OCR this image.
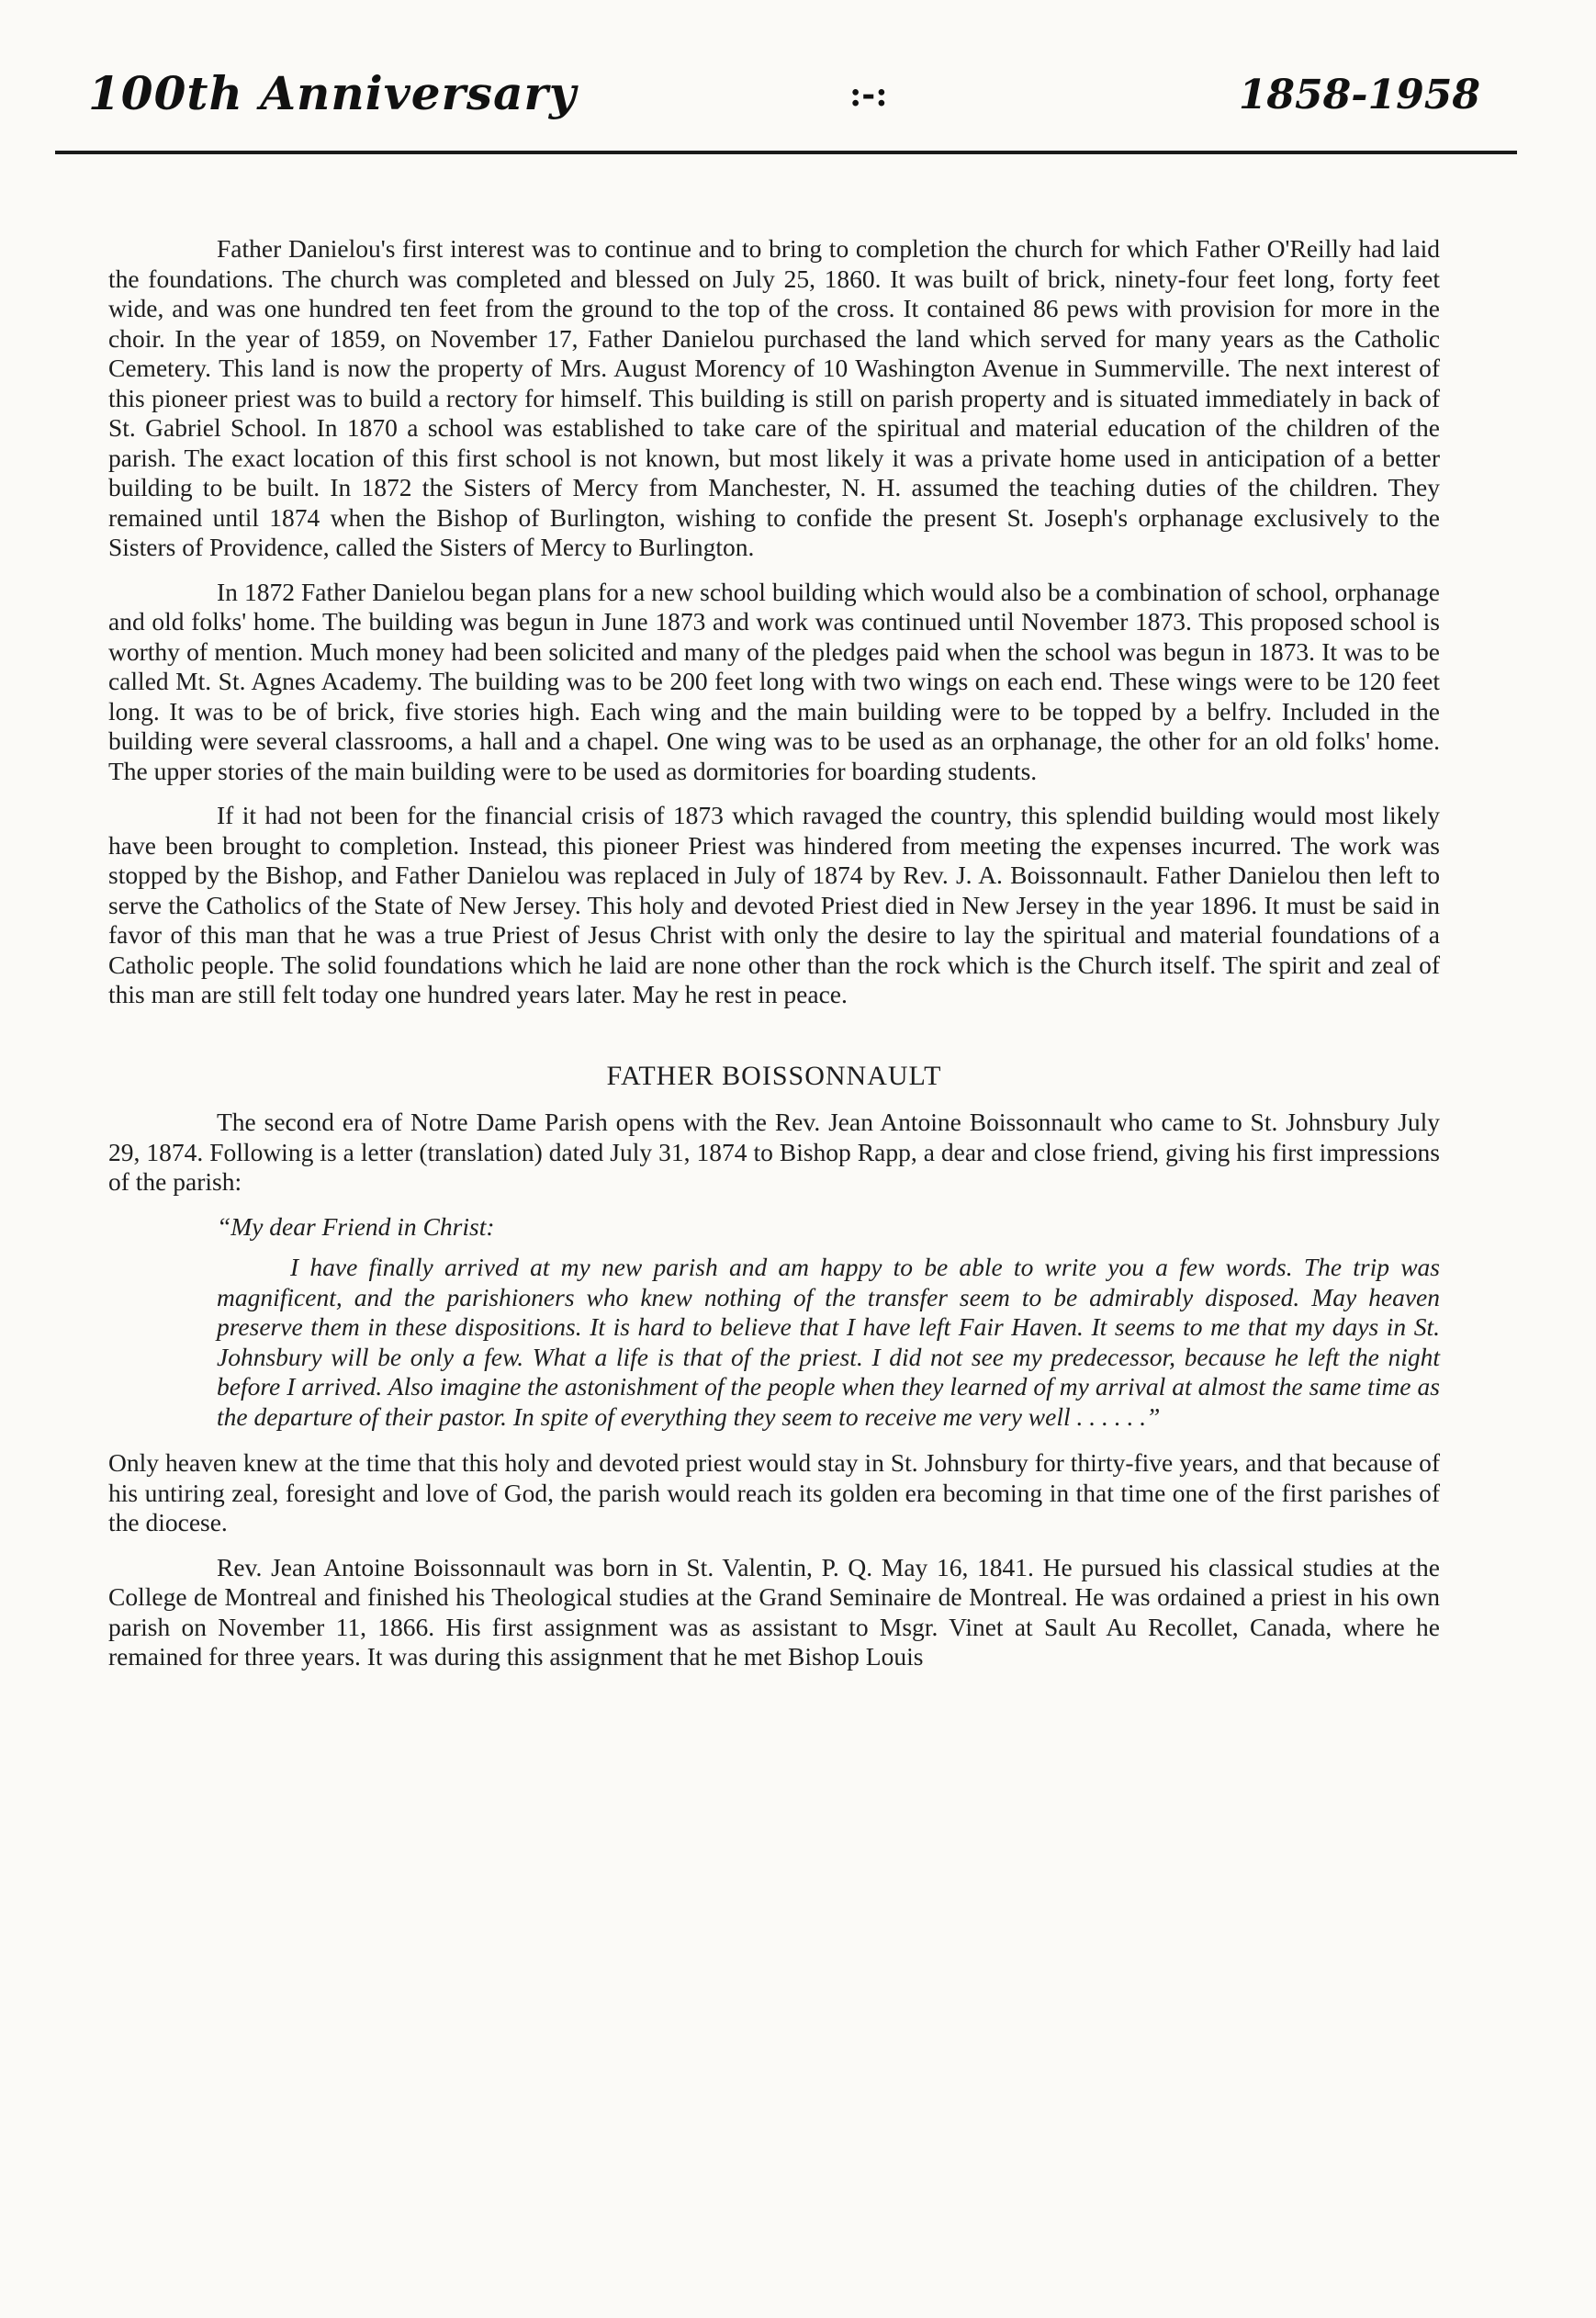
100th Anniversary	:-:	1858-1958

Father Danielou's first interest was to continue and to bring to completion the church for which Father O'Reilly had laid the foundations. The church was completed and blessed on July 25, 1860. It was built of brick, ninety-four feet long, forty feet wide, and was one hundred ten feet from the ground to the top of the cross. It contained 86 pews with provision for more in the choir. In the year of 1859, on November 17, Father Danielou purchased the land which served for many years as the Catholic Cemetery. This land is now the property of Mrs. August Morency of 10 Washington Avenue in Summerville. The next interest of this pioneer priest was to build a rectory for himself. This building is still on parish property and is situated immediately in back of St. Gabriel School. In 1870 a school was established to take care of the spiritual and material education of the children of the parish. The exact location of this first school is not known, but most likely it was a private home used in anticipation of a better building to be built. In 1872 the Sisters of Mercy from Manchester, N. H. assumed the teaching duties of the children. They remained until 1874 when the Bishop of Burlington, wishing to confide the present St. Joseph's orphanage exclusively to the Sisters of Providence, called the Sisters of Mercy to Burlington.

In 1872 Father Danielou began plans for a new school building which would also be a combination of school, orphanage and old folks' home. The building was begun in June 1873 and work was continued until November 1873. This proposed school is worthy of mention. Much money had been solicited and many of the pledges paid when the school was begun in 1873. It was to be called Mt. St. Agnes Academy. The building was to be 200 feet long with two wings on each end. These wings were to be 120 feet long. It was to be of brick, five stories high. Each wing and the main building were to be topped by a belfry. Included in the building were several classrooms, a hall and a chapel. One wing was to be used as an orphanage, the other for an old folks' home. The upper stories of the main building were to be used as dormitories for boarding students.

If it had not been for the financial crisis of 1873 which ravaged the country, this splendid building would most likely have been brought to completion. Instead, this pioneer Priest was hindered from meeting the expenses incurred. The work was stopped by the Bishop, and Father Danielou was replaced in July of 1874 by Rev. J. A. Boissonnault. Father Danielou then left to serve the Catholics of the State of New Jersey. This holy and devoted Priest died in New Jersey in the year 1896. It must be said in favor of this man that he was a true Priest of Jesus Christ with only the desire to lay the spiritual and material foundations of a Catholic people. The solid foundations which he laid are none other than the rock which is the Church itself. The spirit and zeal of this man are still felt today one hundred years later. May he rest in peace.

FATHER BOISSONNAULT

The second era of Notre Dame Parish opens with the Rev. Jean Antoine Boissonnault who came to St. Johnsbury July 29, 1874. Following is a letter (translation) dated July 31, 1874 to Bishop Rapp, a dear and close friend, giving his first impressions of the parish:

“My dear Friend in Christ:
I have finally arrived at my new parish and am happy to be able to write you a few words. The trip was magnificent, and the parishioners who knew nothing of the transfer seem to be admirably disposed. May heaven preserve them in these dispositions. It is hard to believe that I have left Fair Haven. It seems to me that my days in St. Johnsbury will be only a few. What a life is that of the priest. I did not see my predecessor, because he left the night before I arrived. Also imagine the astonishment of the people when they learned of my arrival at almost the same time as the departure of their pastor. In spite of everything they seem to receive me very well . . . . . .”

Only heaven knew at the time that this holy and devoted priest would stay in St. Johnsbury for thirty-five years, and that because of his untiring zeal, foresight and love of God, the parish would reach its golden era becoming in that time one of the first parishes of the diocese.

Rev. Jean Antoine Boissonnault was born in St. Valentin, P. Q. May 16, 1841. He pursued his classical studies at the College de Montreal and finished his Theological studies at the Grand Seminaire de Montreal. He was ordained a priest in his own parish on November 11, 1866. His first assignment was as assistant to Msgr. Vinet at Sault Au Recollet, Canada, where he remained for three years. It was during this assignment that he met Bishop Louis
